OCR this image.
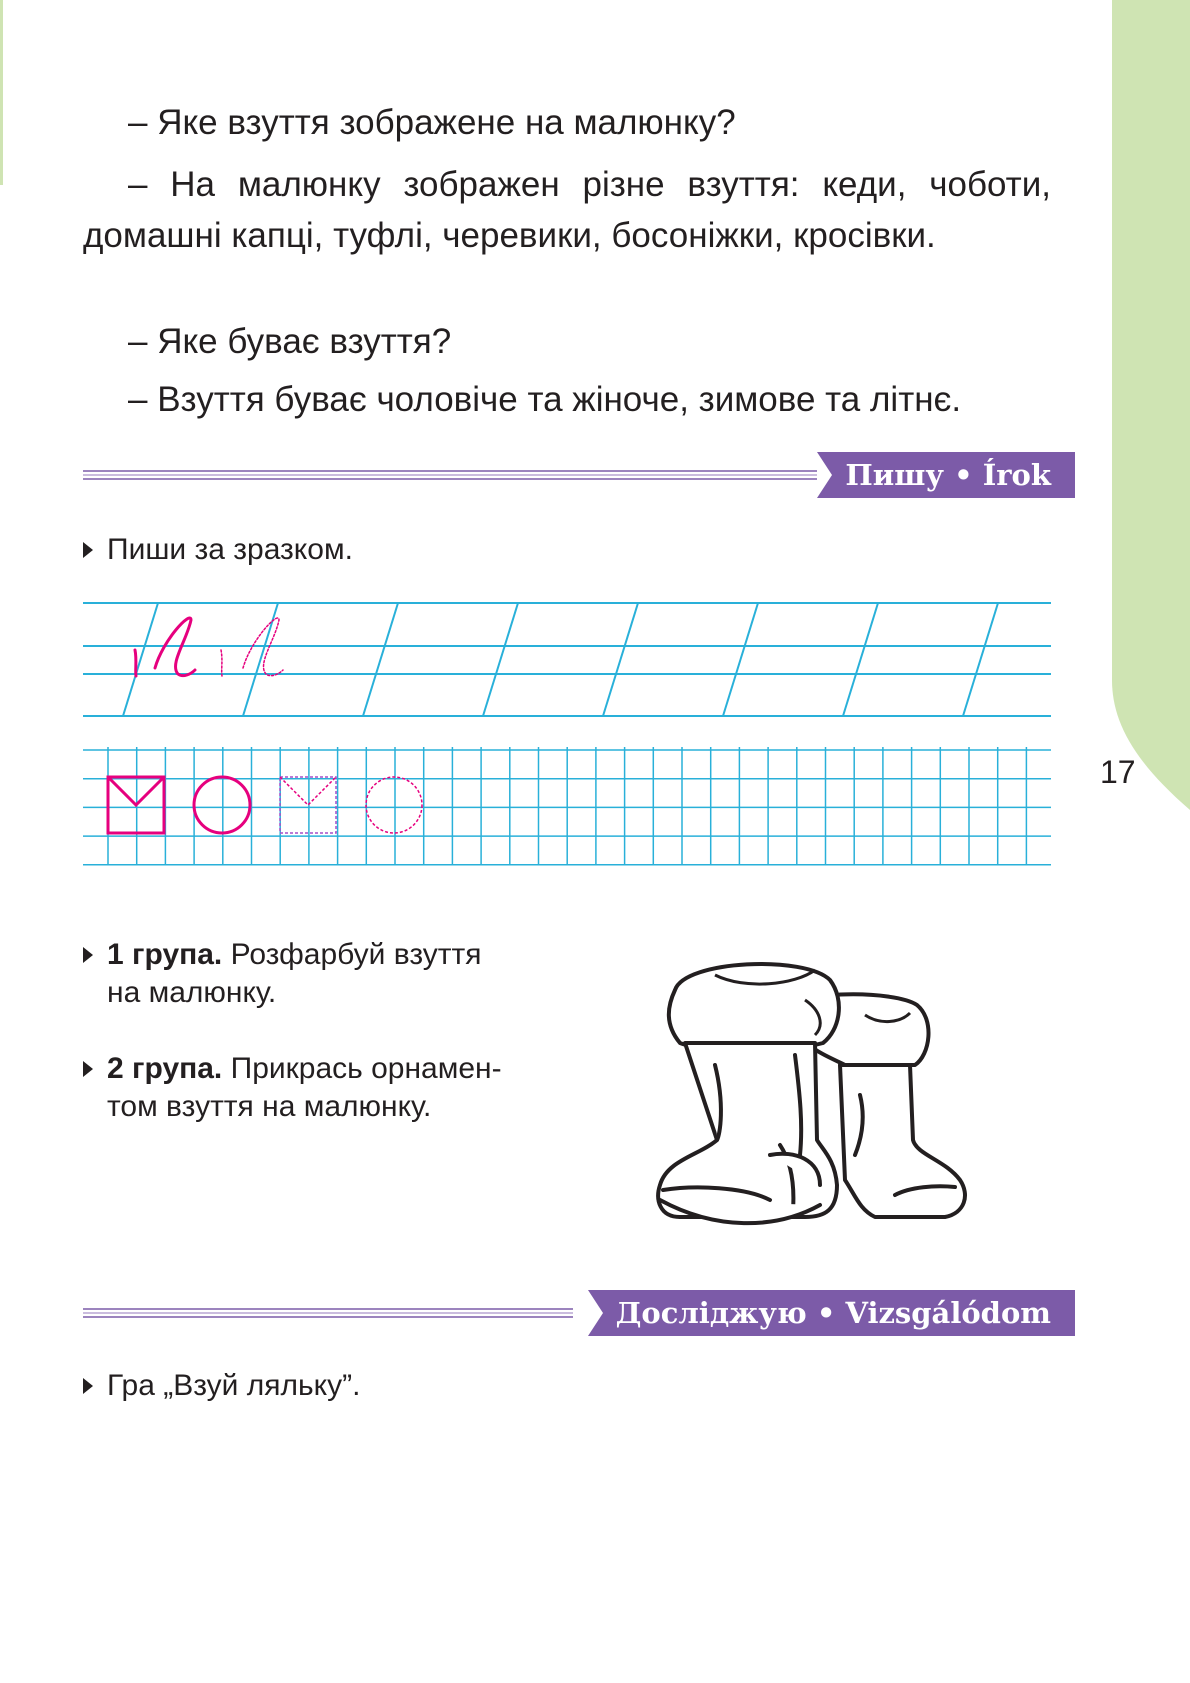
– Яке взуття зображене на малюнку?

– На малюнку зображен різне взуття: кеди, чоботи, домашні капці, туфлі, черевики, босоніжки, кросівки.

– Яке буває взуття?

– Взуття буває чоловіче та жіноче, зимове та літнє.

Пишу • Írok
Пиши за зразком.
17
1 група. Розфарбуй взуття
на малюнку.
2 група. Прикрась орнамен-
том взуття на малюнку.
Досліджую • Vizsgálódom
Гра „Взуй ляльку”.
